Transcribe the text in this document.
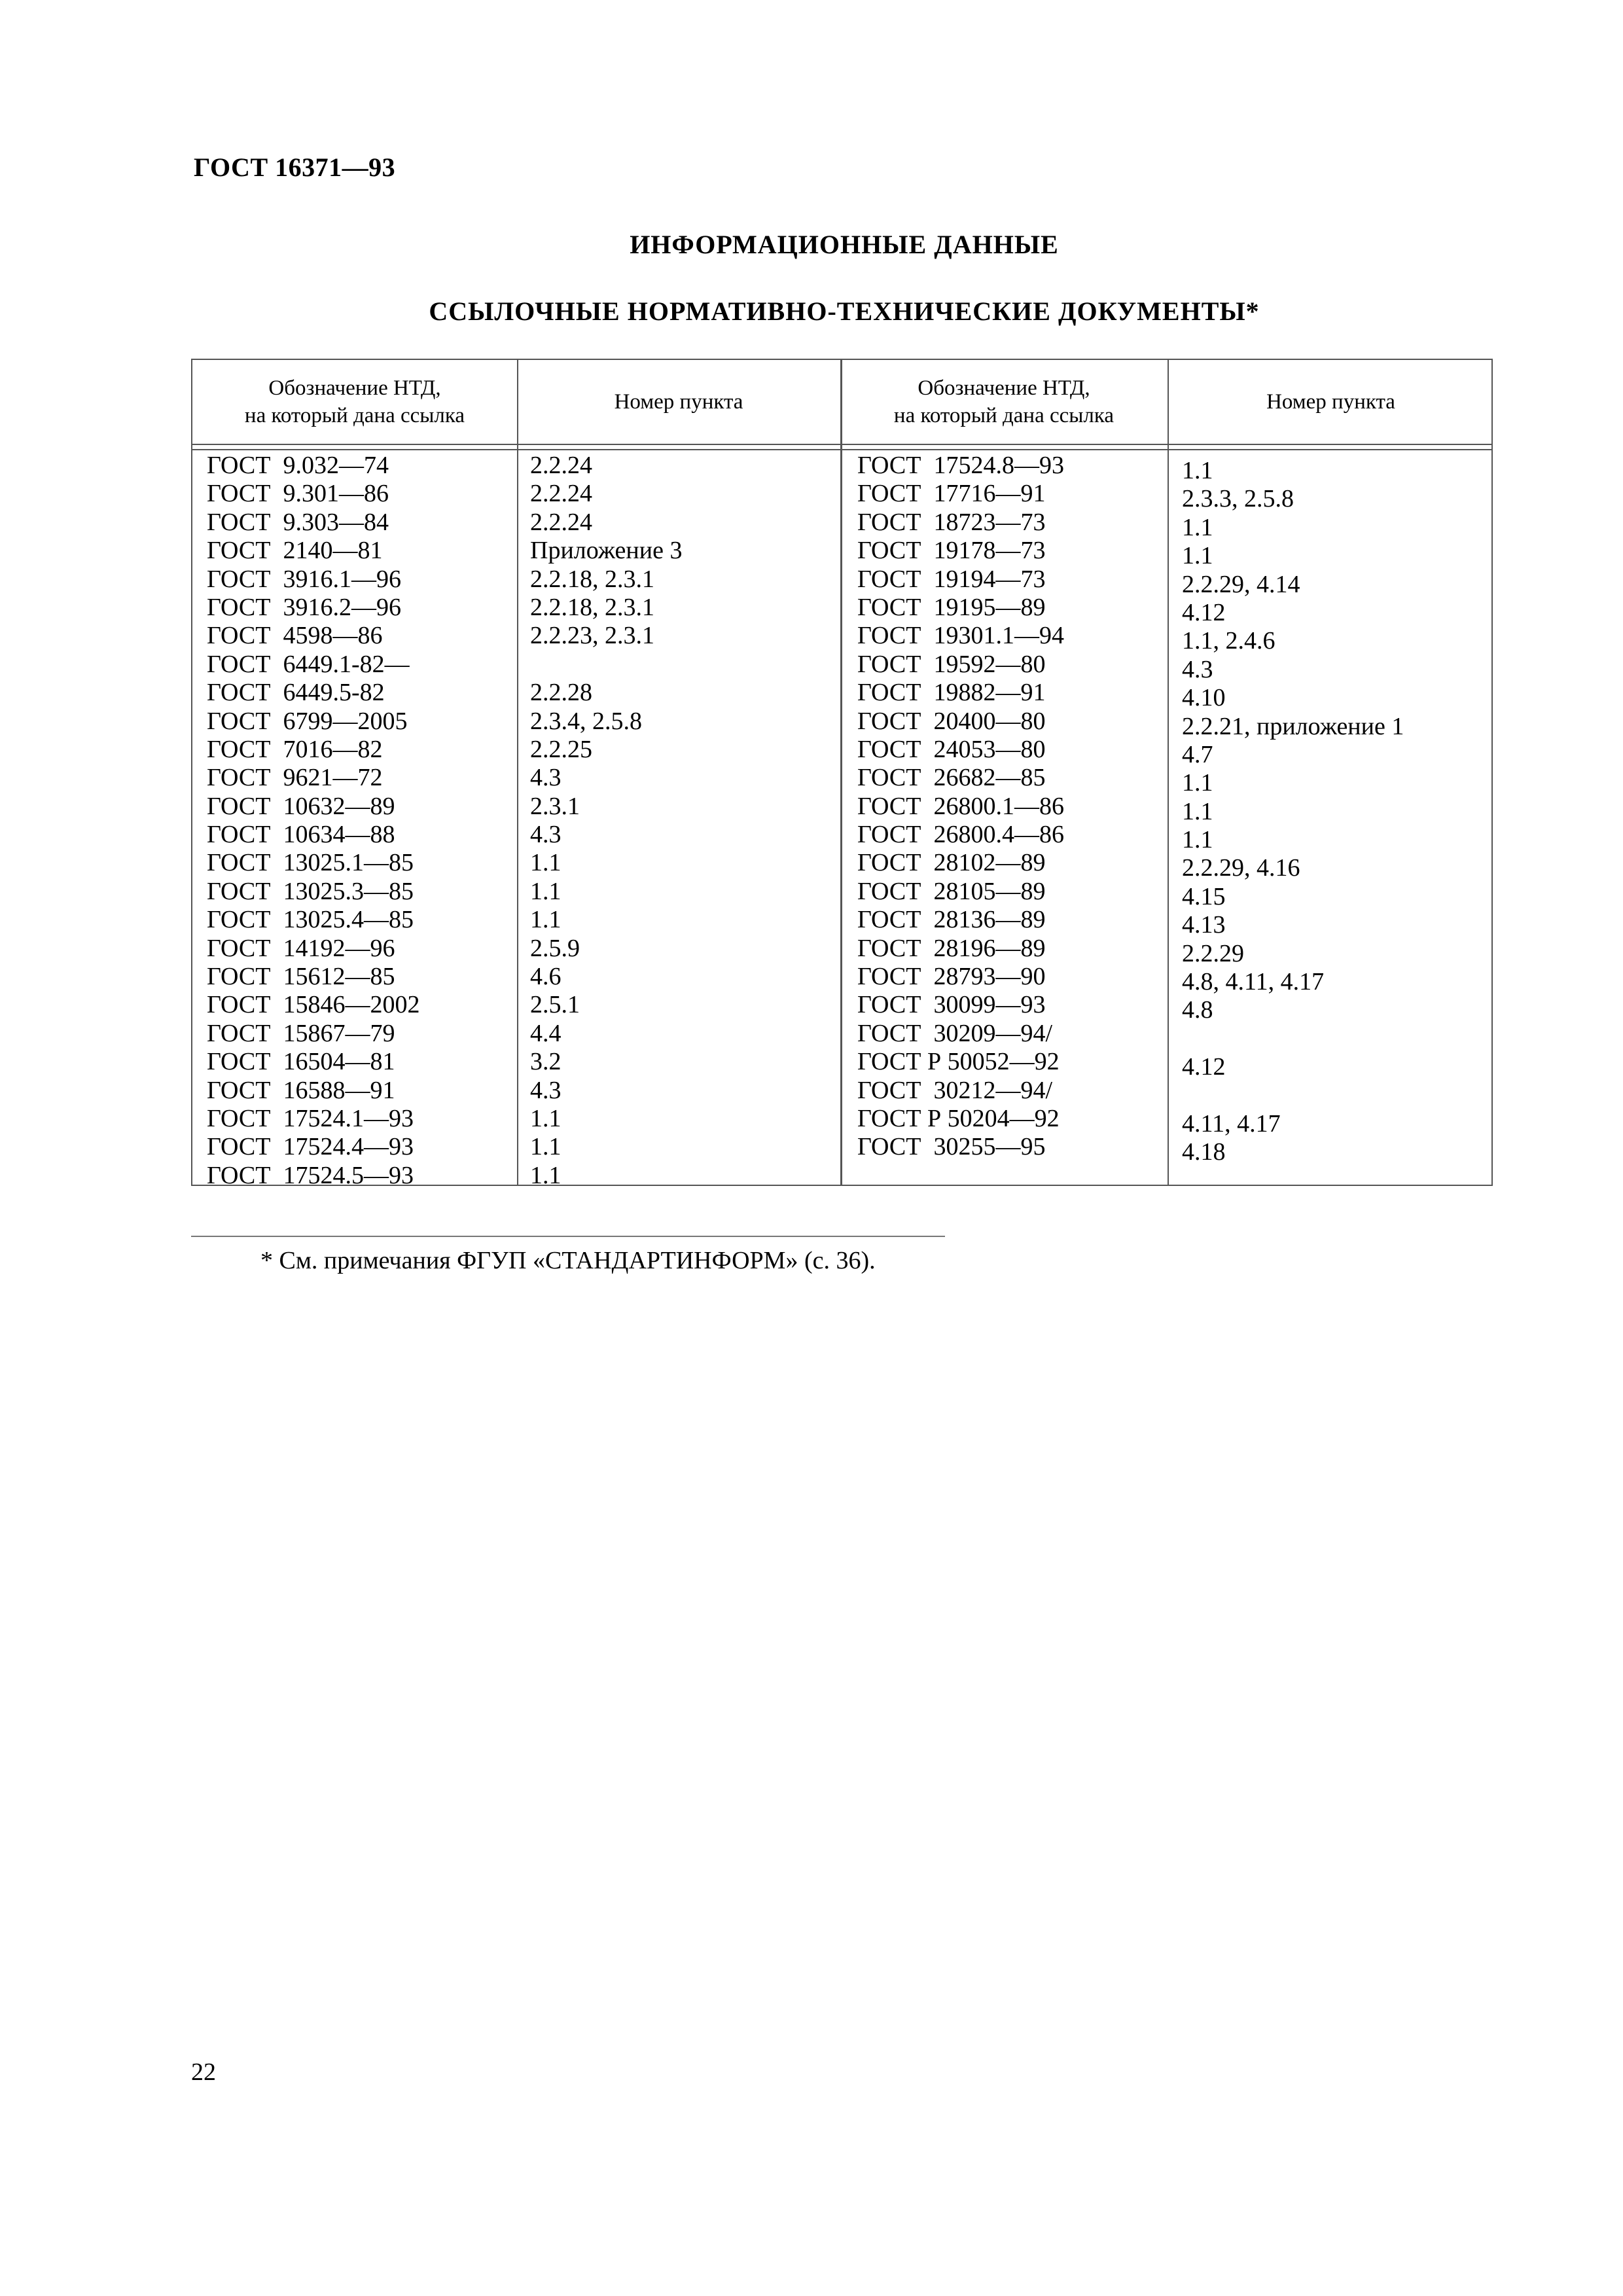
ГОСТ 16371—93
ИНФОРМАЦИОННЫЕ ДАННЫЕ
ССЫЛОЧНЫЕ НОРМАТИВНО-ТЕХНИЧЕСКИЕ ДОКУМЕНТЫ*
Обозначение НТД,
на который дана ссылка
Номер пункта
Обозначение НТД,
на который дана ссылка
Номер пункта
ГОСТ  9.032—74
ГОСТ  9.301—86
ГОСТ  9.303—84
ГОСТ  2140—81
ГОСТ  3916.1—96
ГОСТ  3916.2—96
ГОСТ  4598—86
ГОСТ  6449.1-82—
ГОСТ  6449.5-82
ГОСТ  6799—2005
ГОСТ  7016—82
ГОСТ  9621—72
ГОСТ  10632—89
ГОСТ  10634—88
ГОСТ  13025.1—85
ГОСТ  13025.3—85
ГОСТ  13025.4—85
ГОСТ  14192—96
ГОСТ  15612—85
ГОСТ  15846—2002
ГОСТ  15867—79
ГОСТ  16504—81
ГОСТ  16588—91
ГОСТ  17524.1—93
ГОСТ  17524.4—93
ГОСТ  17524.5—93
2.2.24
2.2.24
2.2.24
Приложение 3
2.2.18, 2.3.1
2.2.18, 2.3.1
2.2.23, 2.3.1
2.2.28
2.3.4, 2.5.8
2.2.25
4.3
2.3.1
4.3
1.1
1.1
1.1
2.5.9
4.6
2.5.1
4.4
3.2
4.3
1.1
1.1
1.1
ГОСТ  17524.8—93
ГОСТ  17716—91
ГОСТ  18723—73
ГОСТ  19178—73
ГОСТ  19194—73
ГОСТ  19195—89
ГОСТ  19301.1—94
ГОСТ  19592—80
ГОСТ  19882—91
ГОСТ  20400—80
ГОСТ  24053—80
ГОСТ  26682—85
ГОСТ  26800.1—86
ГОСТ  26800.4—86
ГОСТ  28102—89
ГОСТ  28105—89
ГОСТ  28136—89
ГОСТ  28196—89
ГОСТ  28793—90
ГОСТ  30099—93
ГОСТ  30209—94/
ГОСТ Р 50052—92
ГОСТ  30212—94/
ГОСТ Р 50204—92
ГОСТ  30255—95
1.1
2.3.3, 2.5.8
1.1
1.1
2.2.29, 4.14
4.12
1.1, 2.4.6
4.3
4.10
2.2.21, приложение 1
4.7
1.1
1.1
1.1
2.2.29, 4.16
4.15
4.13
2.2.29
4.8, 4.11, 4.17
4.8
4.12
4.11, 4.17
4.18
* См. примечания ФГУП «СТАНДАРТИНФОРМ» (с. 36).
22
